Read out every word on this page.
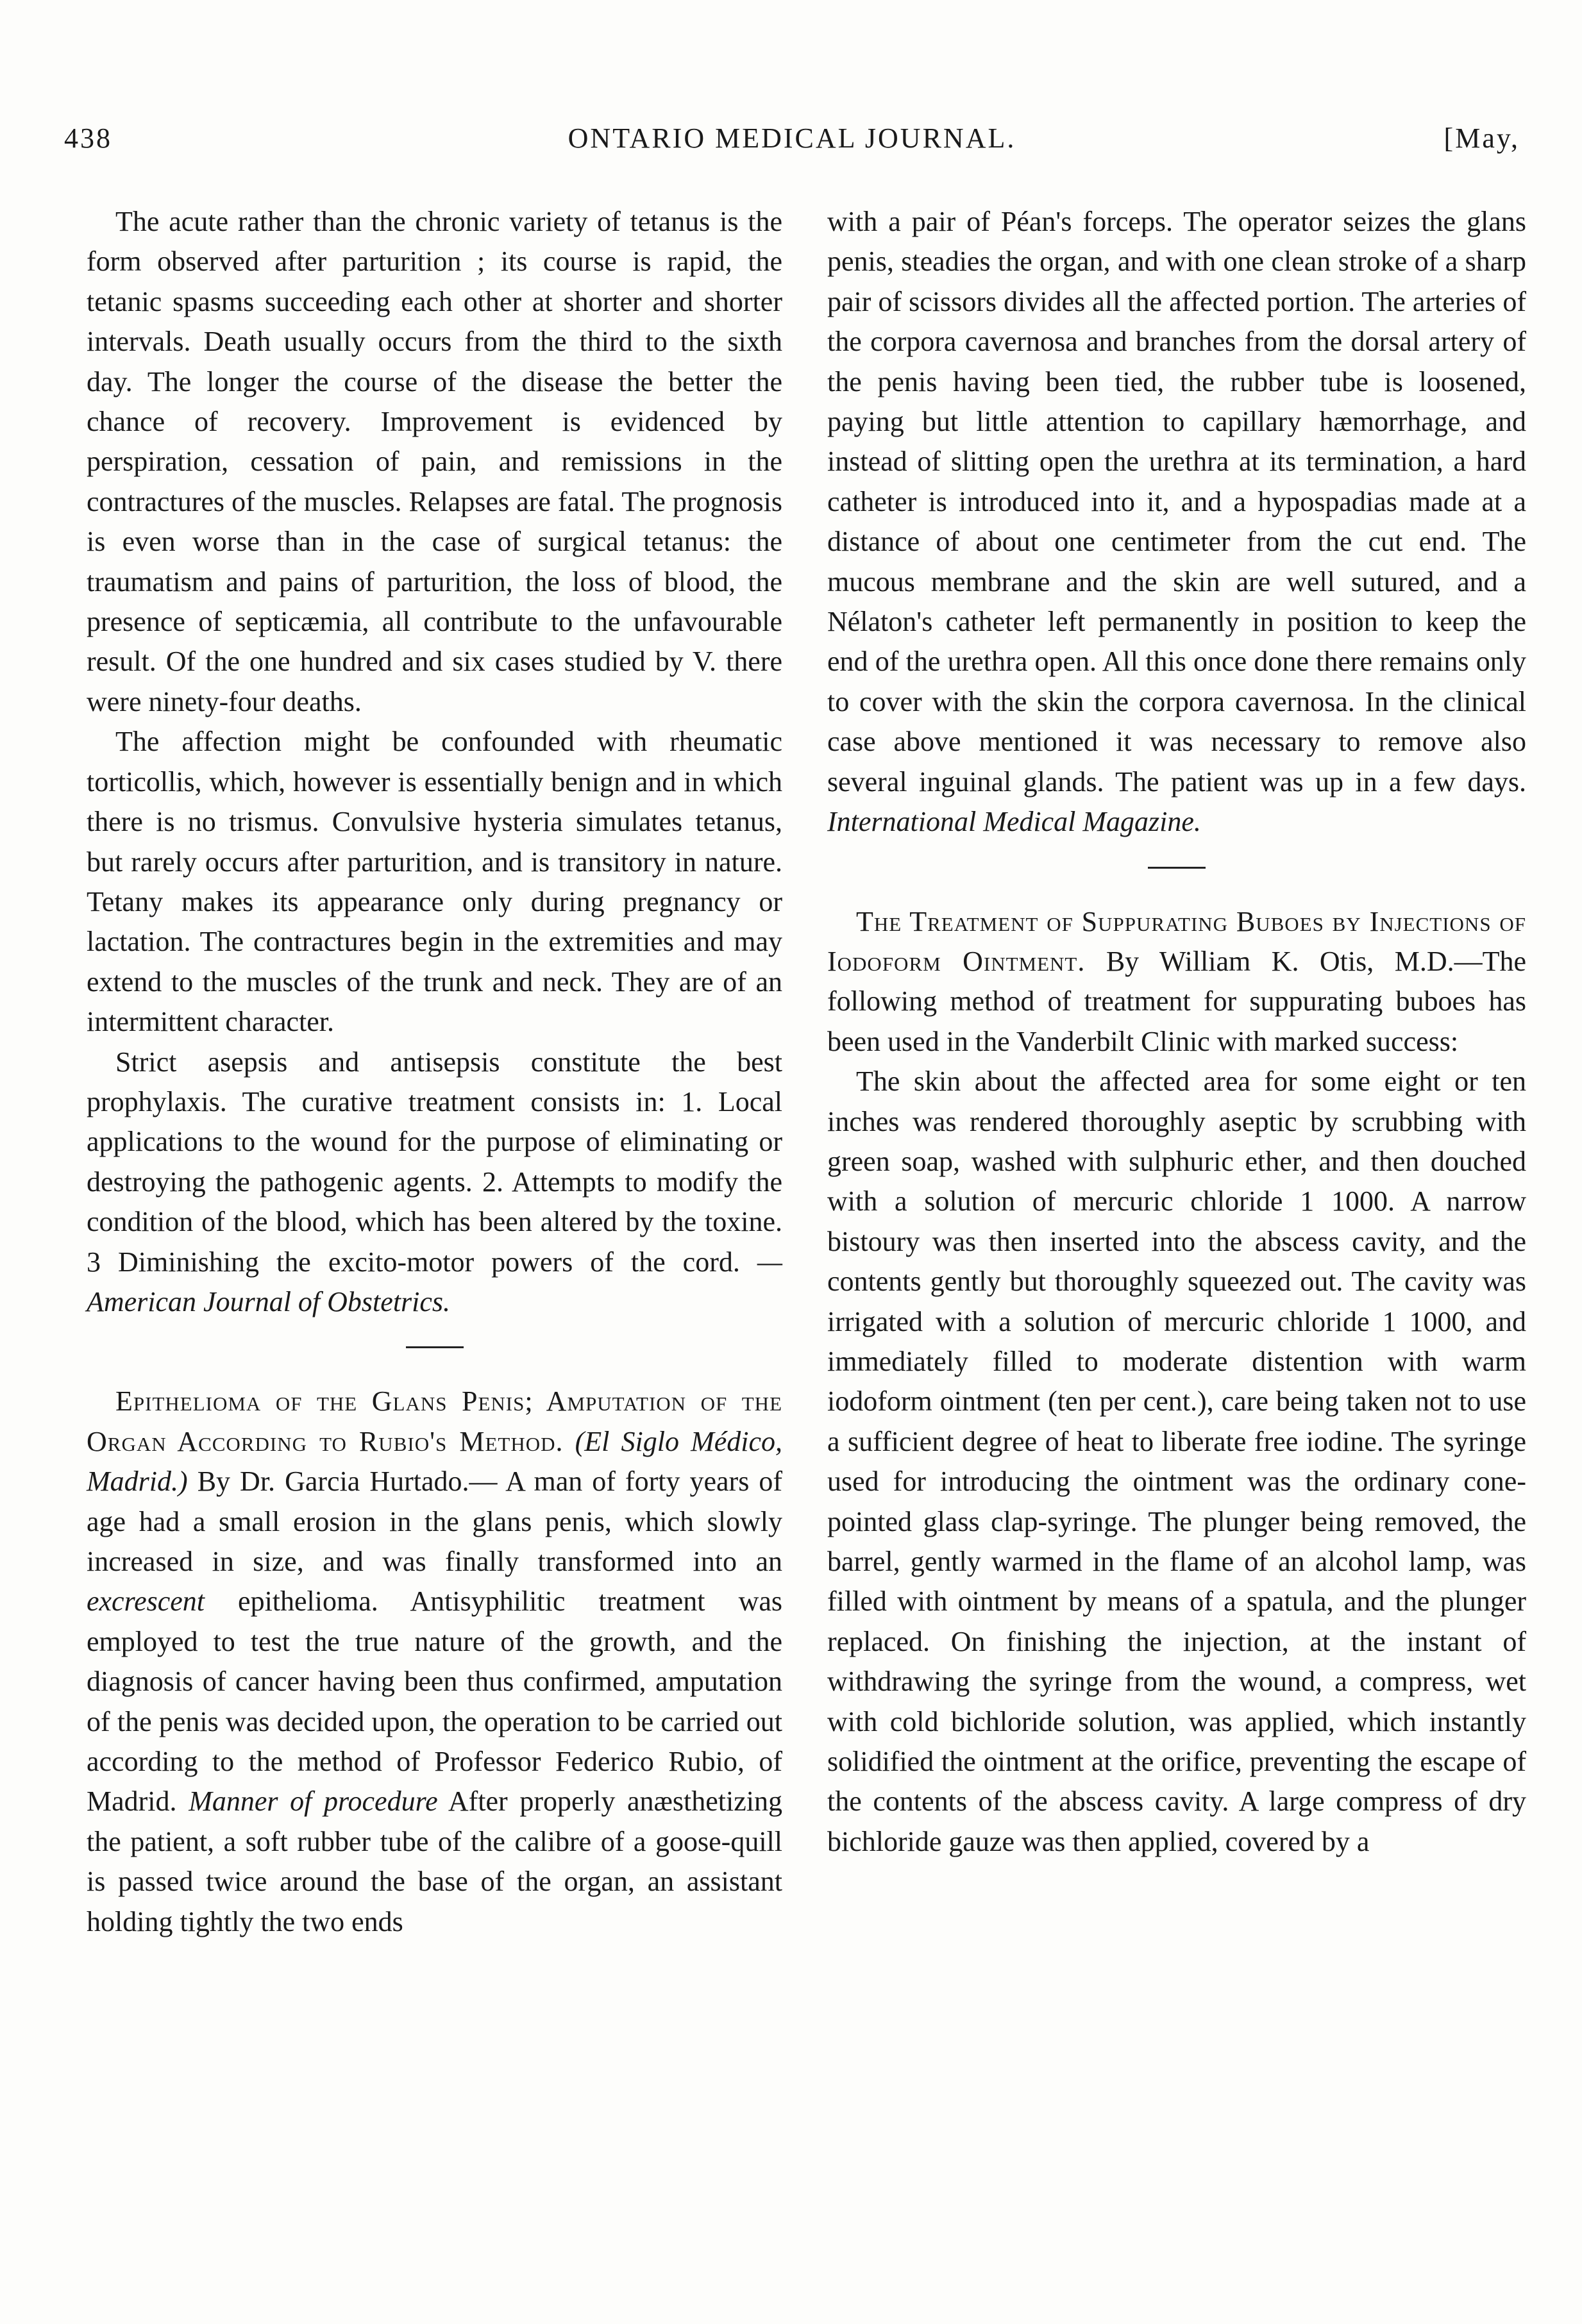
438	ONTARIO MEDICAL JOURNAL.	[May,

The acute rather than the chronic variety of tetanus is the form observed after parturition ; its course is rapid, the tetanic spasms succeeding each other at shorter and shorter intervals. Death usually occurs from the third to the sixth day. The longer the course of the disease the better the chance of recovery. Improvement is evidenced by perspiration, cessation of pain, and remissions in the contractures of the muscles. Relapses are fatal. The prognosis is even worse than in the case of surgical tetanus: the traumatism and pains of parturition, the loss of blood, the presence of septicæmia, all contribute to the unfavourable result. Of the one hundred and six cases studied by V. there were ninety-four deaths.

The affection might be confounded with rheumatic torticollis, which, however is essentially benign and in which there is no trismus. Convulsive hysteria simulates tetanus, but rarely occurs after parturition, and is transitory in nature. Tetany makes its appearance only during pregnancy or lactation. The contractures begin in the extremities and may extend to the muscles of the trunk and neck. They are of an intermittent character.

Strict asepsis and antisepsis constitute the best prophylaxis. The curative treatment consists in: 1. Local applications to the wound for the purpose of eliminating or destroying the pathogenic agents. 2. Attempts to modify the condition of the blood, which has been altered by the toxine. 3 Diminishing the excito-motor powers of the cord. —American Journal of Obstetrics.

Epithelioma of the Glans Penis; Amputation of the Organ According to Rubio's Method. (El Siglo Médico, Madrid.) By Dr. Garcia Hurtado.— A man of forty years of age had a small erosion in the glans penis, which slowly increased in size, and was finally transformed into an excrescent epithelioma. Antisyphilitic treatment was employed to test the true nature of the growth, and the diagnosis of cancer having been thus confirmed, amputation of the penis was decided upon, the operation to be carried out according to the method of Professor Federico Rubio, of Madrid. Manner of procedure After properly anæsthetizing the patient, a soft rubber tube of the calibre of a goose-quill is passed twice around the base of the organ, an assistant holding tightly the two ends

with a pair of Péan's forceps. The operator seizes the glans penis, steadies the organ, and with one clean stroke of a sharp pair of scissors divides all the affected portion. The arteries of the corpora cavernosa and branches from the dorsal artery of the penis having been tied, the rubber tube is loosened, paying but little attention to capillary hæmorrhage, and instead of slitting open the urethra at its termination, a hard catheter is introduced into it, and a hypospadias made at a distance of about one centimeter from the cut end. The mucous membrane and the skin are well sutured, and a Nélaton's catheter left permanently in position to keep the end of the urethra open. All this once done there remains only to cover with the skin the corpora cavernosa. In the clinical case above mentioned it was necessary to remove also several inguinal glands. The patient was up in a few days. International Medical Magazine.

The Treatment of Suppurating Buboes by Injections of Iodoform Ointment. By William K. Otis, M.D.—The following method of treatment for suppurating buboes has been used in the Vanderbilt Clinic with marked success:

The skin about the affected area for some eight or ten inches was rendered thoroughly aseptic by scrubbing with green soap, washed with sulphuric ether, and then douched with a solution of mercuric chloride 1 1000. A narrow bistoury was then inserted into the abscess cavity, and the contents gently but thoroughly squeezed out. The cavity was irrigated with a solution of mercuric chloride 1 1000, and immediately filled to moderate distention with warm iodoform ointment (ten per cent.), care being taken not to use a sufficient degree of heat to liberate free iodine. The syringe used for introducing the ointment was the ordinary cone-pointed glass clap-syringe. The plunger being removed, the barrel, gently warmed in the flame of an alcohol lamp, was filled with ointment by means of a spatula, and the plunger replaced. On finishing the injection, at the instant of withdrawing the syringe from the wound, a compress, wet with cold bichloride solution, was applied, which instantly solidified the ointment at the orifice, preventing the escape of the contents of the abscess cavity. A large compress of dry bichloride gauze was then applied, covered by a
